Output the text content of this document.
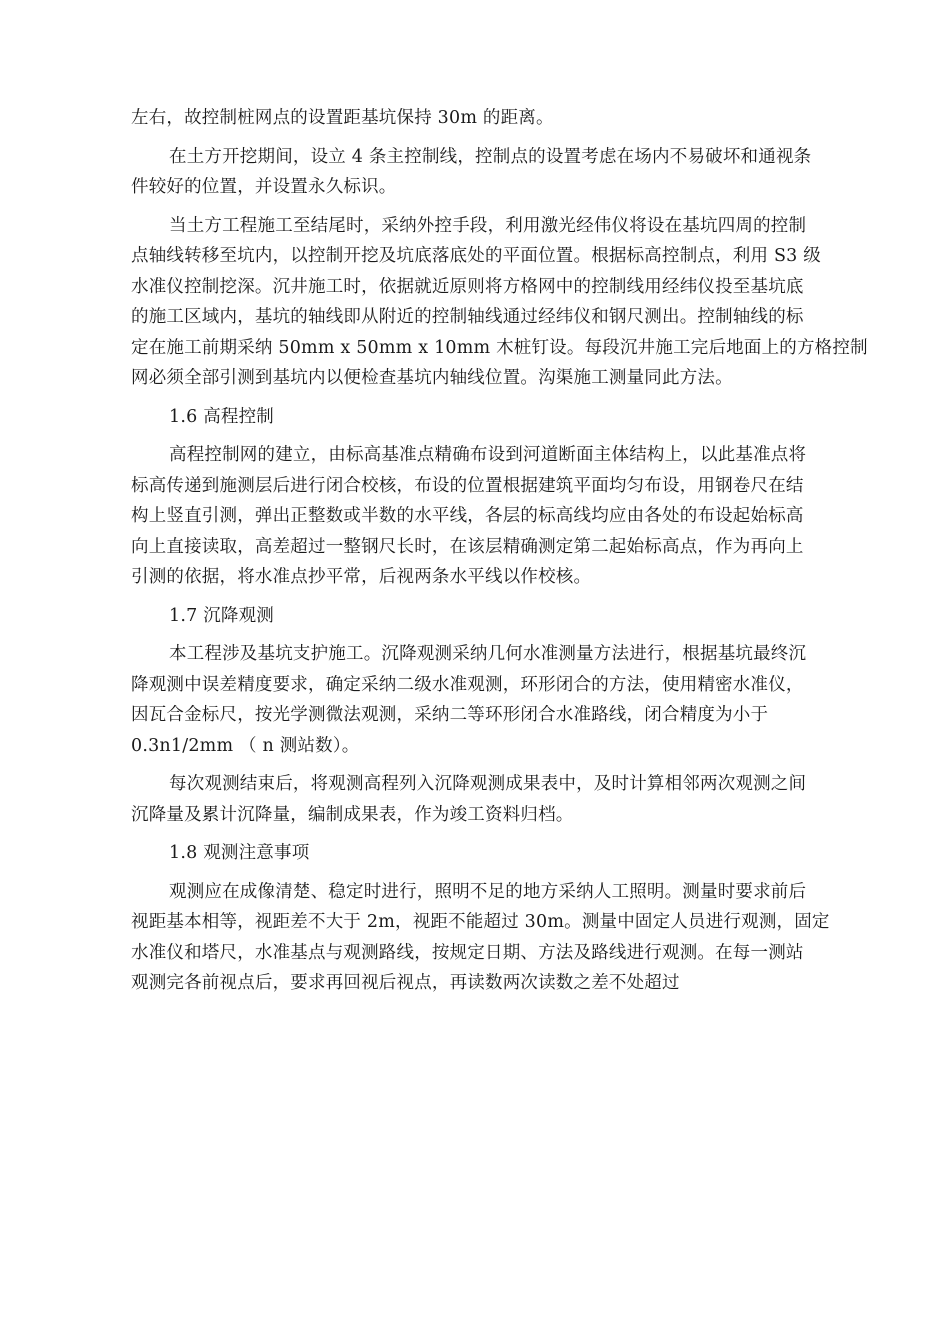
左右，故控制桩网点的设置距基坑保持 30m 的距离。
在土方开挖期间，设立 4 条主控制线，控制点的设置考虑在场内不易破坏和通视条
件较好的位置，并设置永久标识。
当土方工程施工至结尾时，采纳外控手段，利用激光经伟仪将设在基坑四周的控制
点轴线转移至坑内，以控制开挖及坑底落底处的平面位置。根据标高控制点，利用 S3 级
水准仪控制挖深。沉井施工时，依据就近原则将方格网中的控制线用经纬仪投至基坑底
的施工区域内，基坑的轴线即从附近的控制轴线通过经纬仪和钢尺测出。控制轴线的标
定在施工前期采纳 50mm x 50mm x 10mm 木桩钉设。每段沉井施工完后地面上的方格控制
网必须全部引测到基坑内以便检查基坑内轴线位置。沟渠施工测量同此方法。
1.6 高程控制
高程控制网的建立，由标高基准点精确布设到河道断面主体结构上，以此基准点将
标高传递到施测层后进行闭合校核，布设的位置根据建筑平面均匀布设，用钢卷尺在结
构上竖直引测，弹出正整数或半数的水平线，各层的标高线均应由各处的布设起始标高
向上直接读取，高差超过一整钢尺长时，在该层精确测定第二起始标高点，作为再向上
引测的依据，将水准点抄平常，后视两条水平线以作校核。
1.7 沉降观测
本工程涉及基坑支护施工。沉降观测采纳几何水准测量方法进行，根据基坑最终沉
降观测中误差精度要求，确定采纳二级水准观测，环形闭合的方法，使用精密水准仪，
因瓦合金标尺，按光学测微法观测，采纳二等环形闭合水准路线，闭合精度为小于
0.3n1/2mm （ n 测站数）。
每次观测结束后，将观测高程列入沉降观测成果表中，及时计算相邻两次观测之间
沉降量及累计沉降量，编制成果表，作为竣工资料归档。
1.8 观测注意事项
观测应在成像清楚、稳定时进行，照明不足的地方采纳人工照明。测量时要求前后
视距基本相等，视距差不大于 2m，视距不能超过 30m。测量中固定人员进行观测，固定
水准仪和塔尺，水准基点与观测路线，按规定日期、方法及路线进行观测。在每一测站
观测完各前视点后，要求再回视后视点，再读数两次读数之差不处超过
